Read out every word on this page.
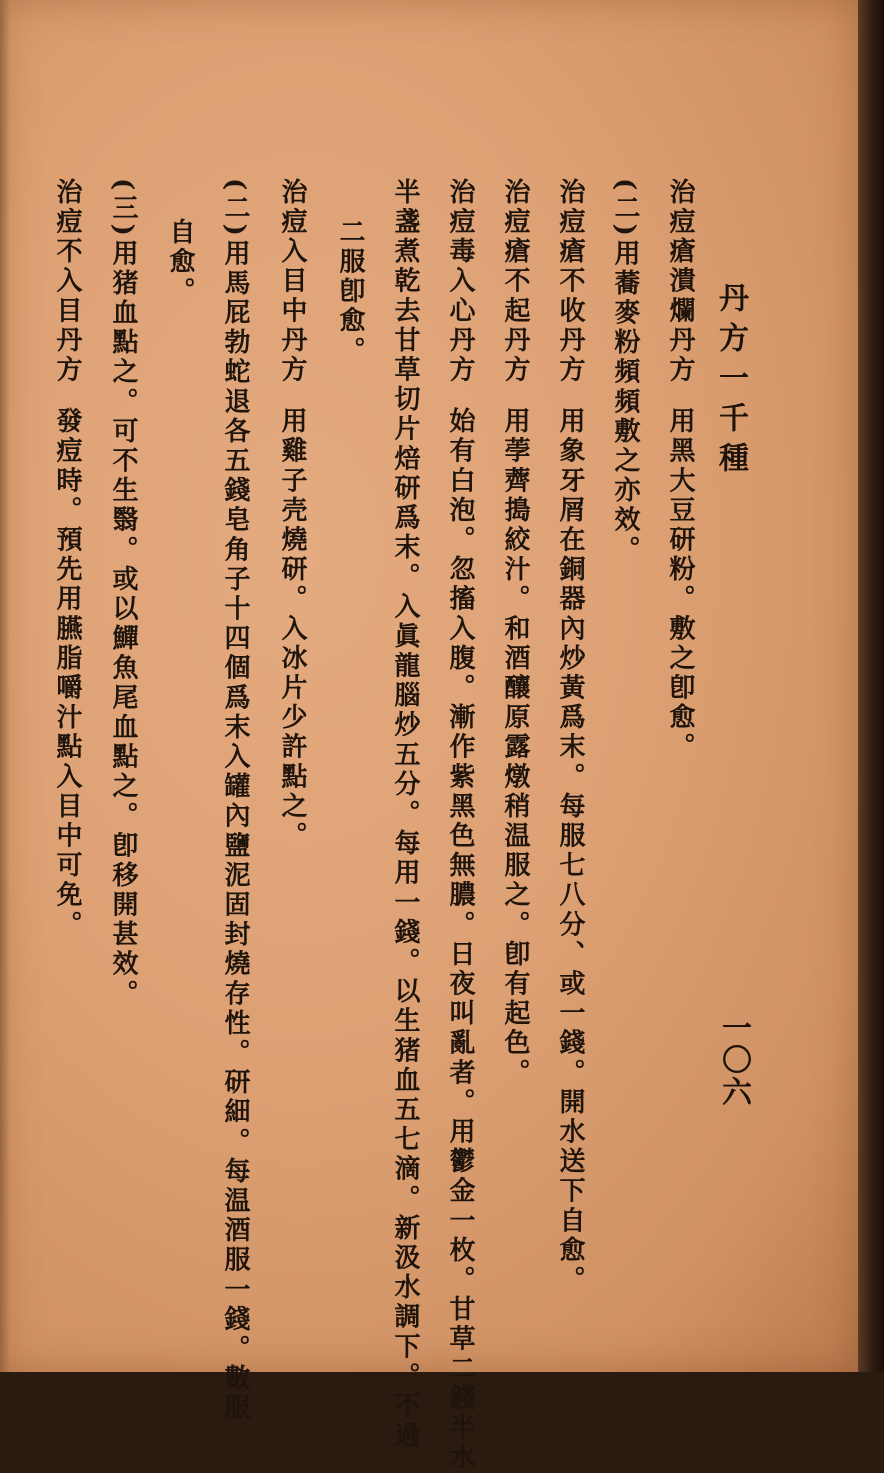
丹方一千種
一〇六
治痘瘡潰爛丹方用黑大豆研粉。敷之卽愈。
(二)用蕎麥粉頻頻敷之亦效。
治痘瘡不收丹方用象牙屑在銅器內炒黃爲末。每服七八分、或一錢。開水送下自愈。
治痘瘡不起丹方用荸薺搗絞汁。和酒釀原露燉稍温服之。卽有起色。
治痘毒入心丹方始有白泡。忽搐入腹。漸作紫黑色無膿。日夜叫亂者。用鬱金一枚。甘草二錢半水
半盞煮乾去甘草切片焙研爲末。入眞龍腦炒五分。每用一錢。以生猪血五七滴。新汲水調下。不過
二服卽愈。
治痘入目中丹方用雞子壳燒研。入冰片少許點之。
(二)用馬屁勃蛇退各五錢皂角子十四個爲末入罐內鹽泥固封燒存性。研細。每温酒服一錢。數服
自愈。
(三)用猪血點之。可不生翳。或以鱓魚尾血點之。卽移開甚效。
治痘不入目丹方發痘時。預先用臙脂嚼汁點入目中可免。
